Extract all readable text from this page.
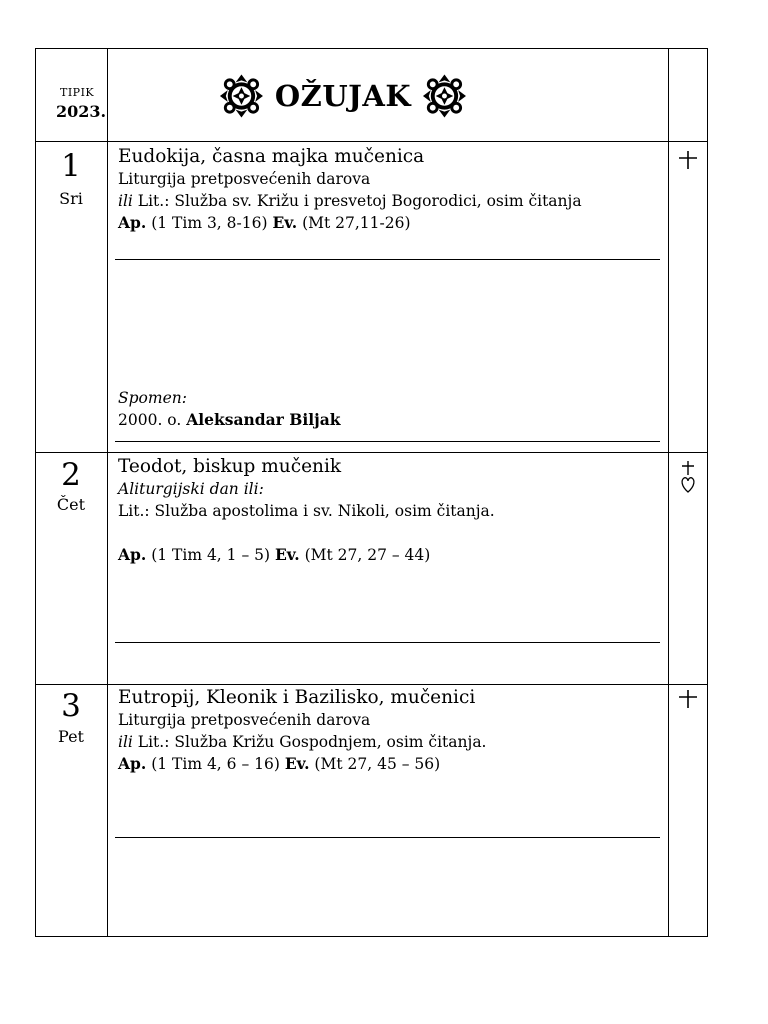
TIPIK
2023.	OŽUJAK
1
Sri
Eudokija, časna majka mučenica
Liturgija pretposvećenih darova
ili Lit.: Služba sv. Križu i presvetoj Bogorodici, osim čitanja
Ap. (1 Tim 3, 8-16) Ev. (Mt 27,11-26)
Spomen:
2000. o. Aleksandar Biljak
2
Čet
Teodot, biskup mučenik
Aliturgijski dan ili:
Lit.: Služba apostolima i sv. Nikoli, osim čitanja.
Ap. (1 Tim 4, 1 – 5) Ev. (Mt 27, 27 – 44)
3
Pet
Eutropij, Kleonik i Bazilisko, mučenici
Liturgija pretposvećenih darova
ili Lit.: Služba Križu Gospodnjem, osim čitanja.
Ap. (1 Tim 4, 6 – 16) Ev. (Mt 27, 45 – 56)
